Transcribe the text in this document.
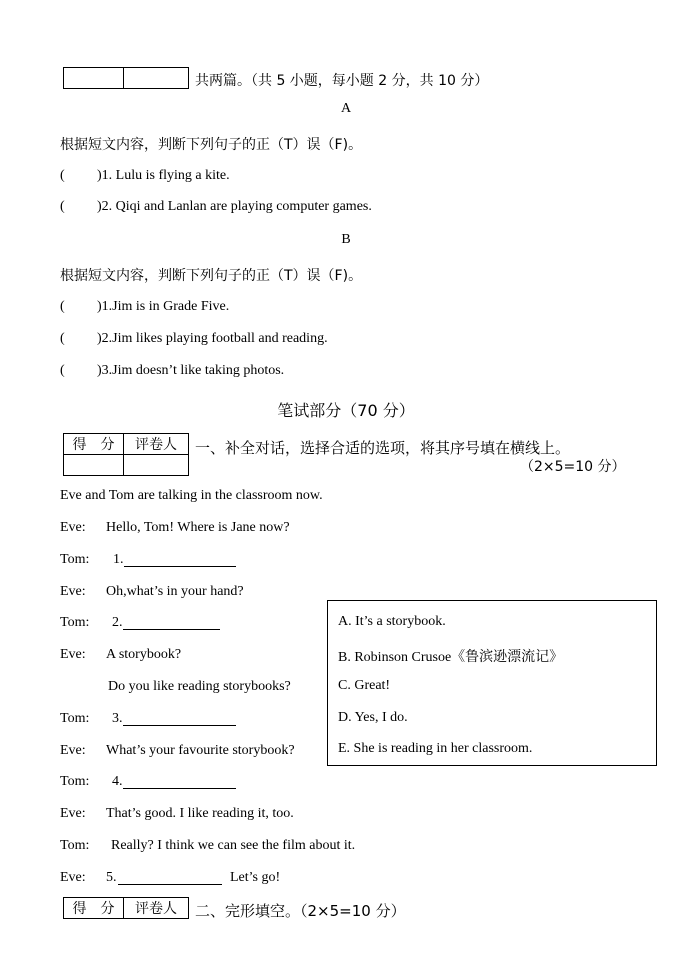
共两篇。（共 5 小题，每小题 2 分，共 10 分）
A
根据短文内容，判断下列句子的正（T）误（F)。
( )1. Lulu is flying a kite.
( )2. Qiqi and Lanlan are playing computer games.
B
根据短文内容，判断下列句子的正（T）误（F)。
( )1.Jim is in Grade Five.
( )2.Jim likes playing football and reading.
( )3.Jim doesn’t like taking photos.
笔试部分（70 分）
得　分	评卷人
	一、补全对话，选择合适的选项，将其序号填在横线上。
（2×5=10 分）
Eve and Tom are talking in the classroom now.
Eve: Hello, Tom! Where is Jane now?
Tom: 1.
Eve: Oh,what’s in your hand?
Tom: 2.
Eve: A storybook?
Do you like reading storybooks?
Tom: 3.
Eve: What’s your favourite storybook?
Tom: 4.
Eve: That’s good. I like reading it, too.
Tom: Really? I think we can see the film about it.
Eve: 5.	Let’s go!
A. It’s a storybook.
B. Robinson Crusoe《鲁滨逊漂流记》
C. Great!
D. Yes, I do.
E. She is reading in her classroom.
得　分	评卷人 二、完形填空。（2×5=10 分）
